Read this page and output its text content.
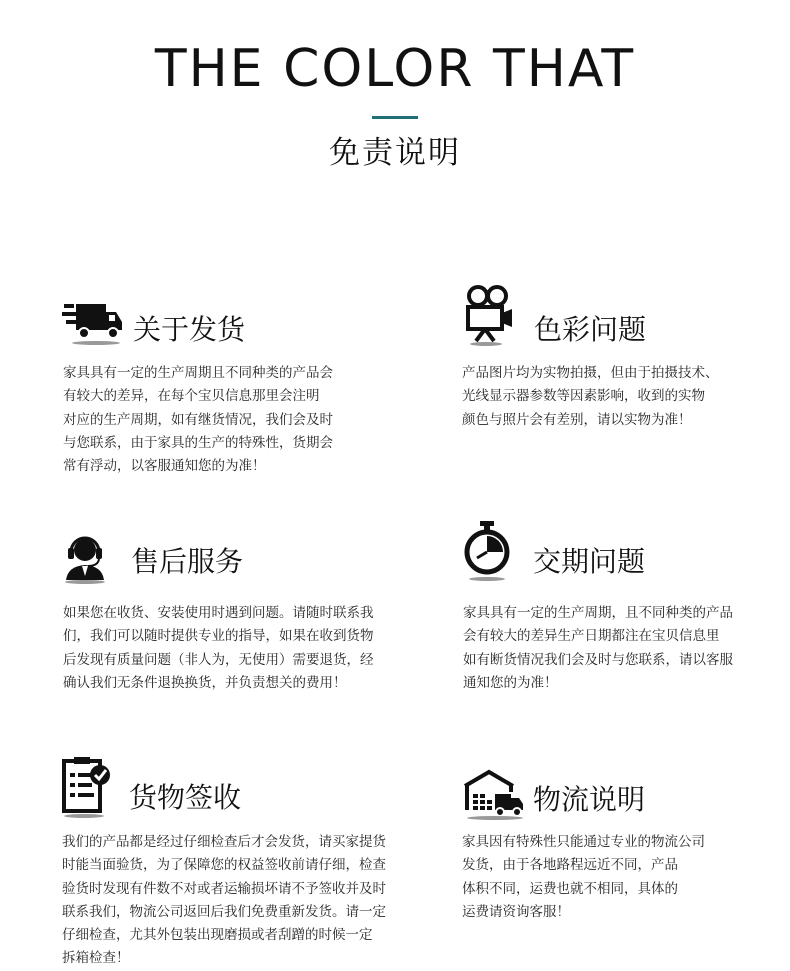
THE COLOR THAT
免责说明
关于发货

家具具有一定的生产周期且不同种类的产品会
有较大的差异，在每个宝贝信息那里会注明
对应的生产周期，如有继货情况，我们会及时
与您联系，由于家具的生产的特殊性，货期会
常有浮动，以客服通知您的为准！

色彩问题

产品图片均为实物拍摄，但由于拍摄技术、
光线显示器参数等因素影响，收到的实物
颜色与照片会有差别，请以实物为准！

售后服务

如果您在收货、安装使用时遇到问题。请随时联系我
们，我们可以随时提供专业的指导，如果在收到货物
后发现有质量问题（非人为，无使用）需要退货，经
确认我们无条件退换换货，并负责想关的费用！

交期问题

家具具有一定的生产周期，且不同种类的产品
会有较大的差异生产日期都注在宝贝信息里
如有断货情况我们会及时与您联系，请以客服
通知您的为准！

货物签收

我们的产品都是经过仔细检查后才会发货，请买家提货
时能当面验货，为了保障您的权益签收前请仔细，检查
验货时发现有件数不对或者运输损坏请不予签收并及时
联系我们，物流公司返回后我们免费重新发货。请一定
仔细检查，尤其外包装出现磨损或者刮蹭的时候一定
拆箱检查！

物流说明

家具因有特殊性只能通过专业的物流公司
发货，由于各地路程远近不同，产品
体积不同，运费也就不相同，具体的
运费请资询客服！
